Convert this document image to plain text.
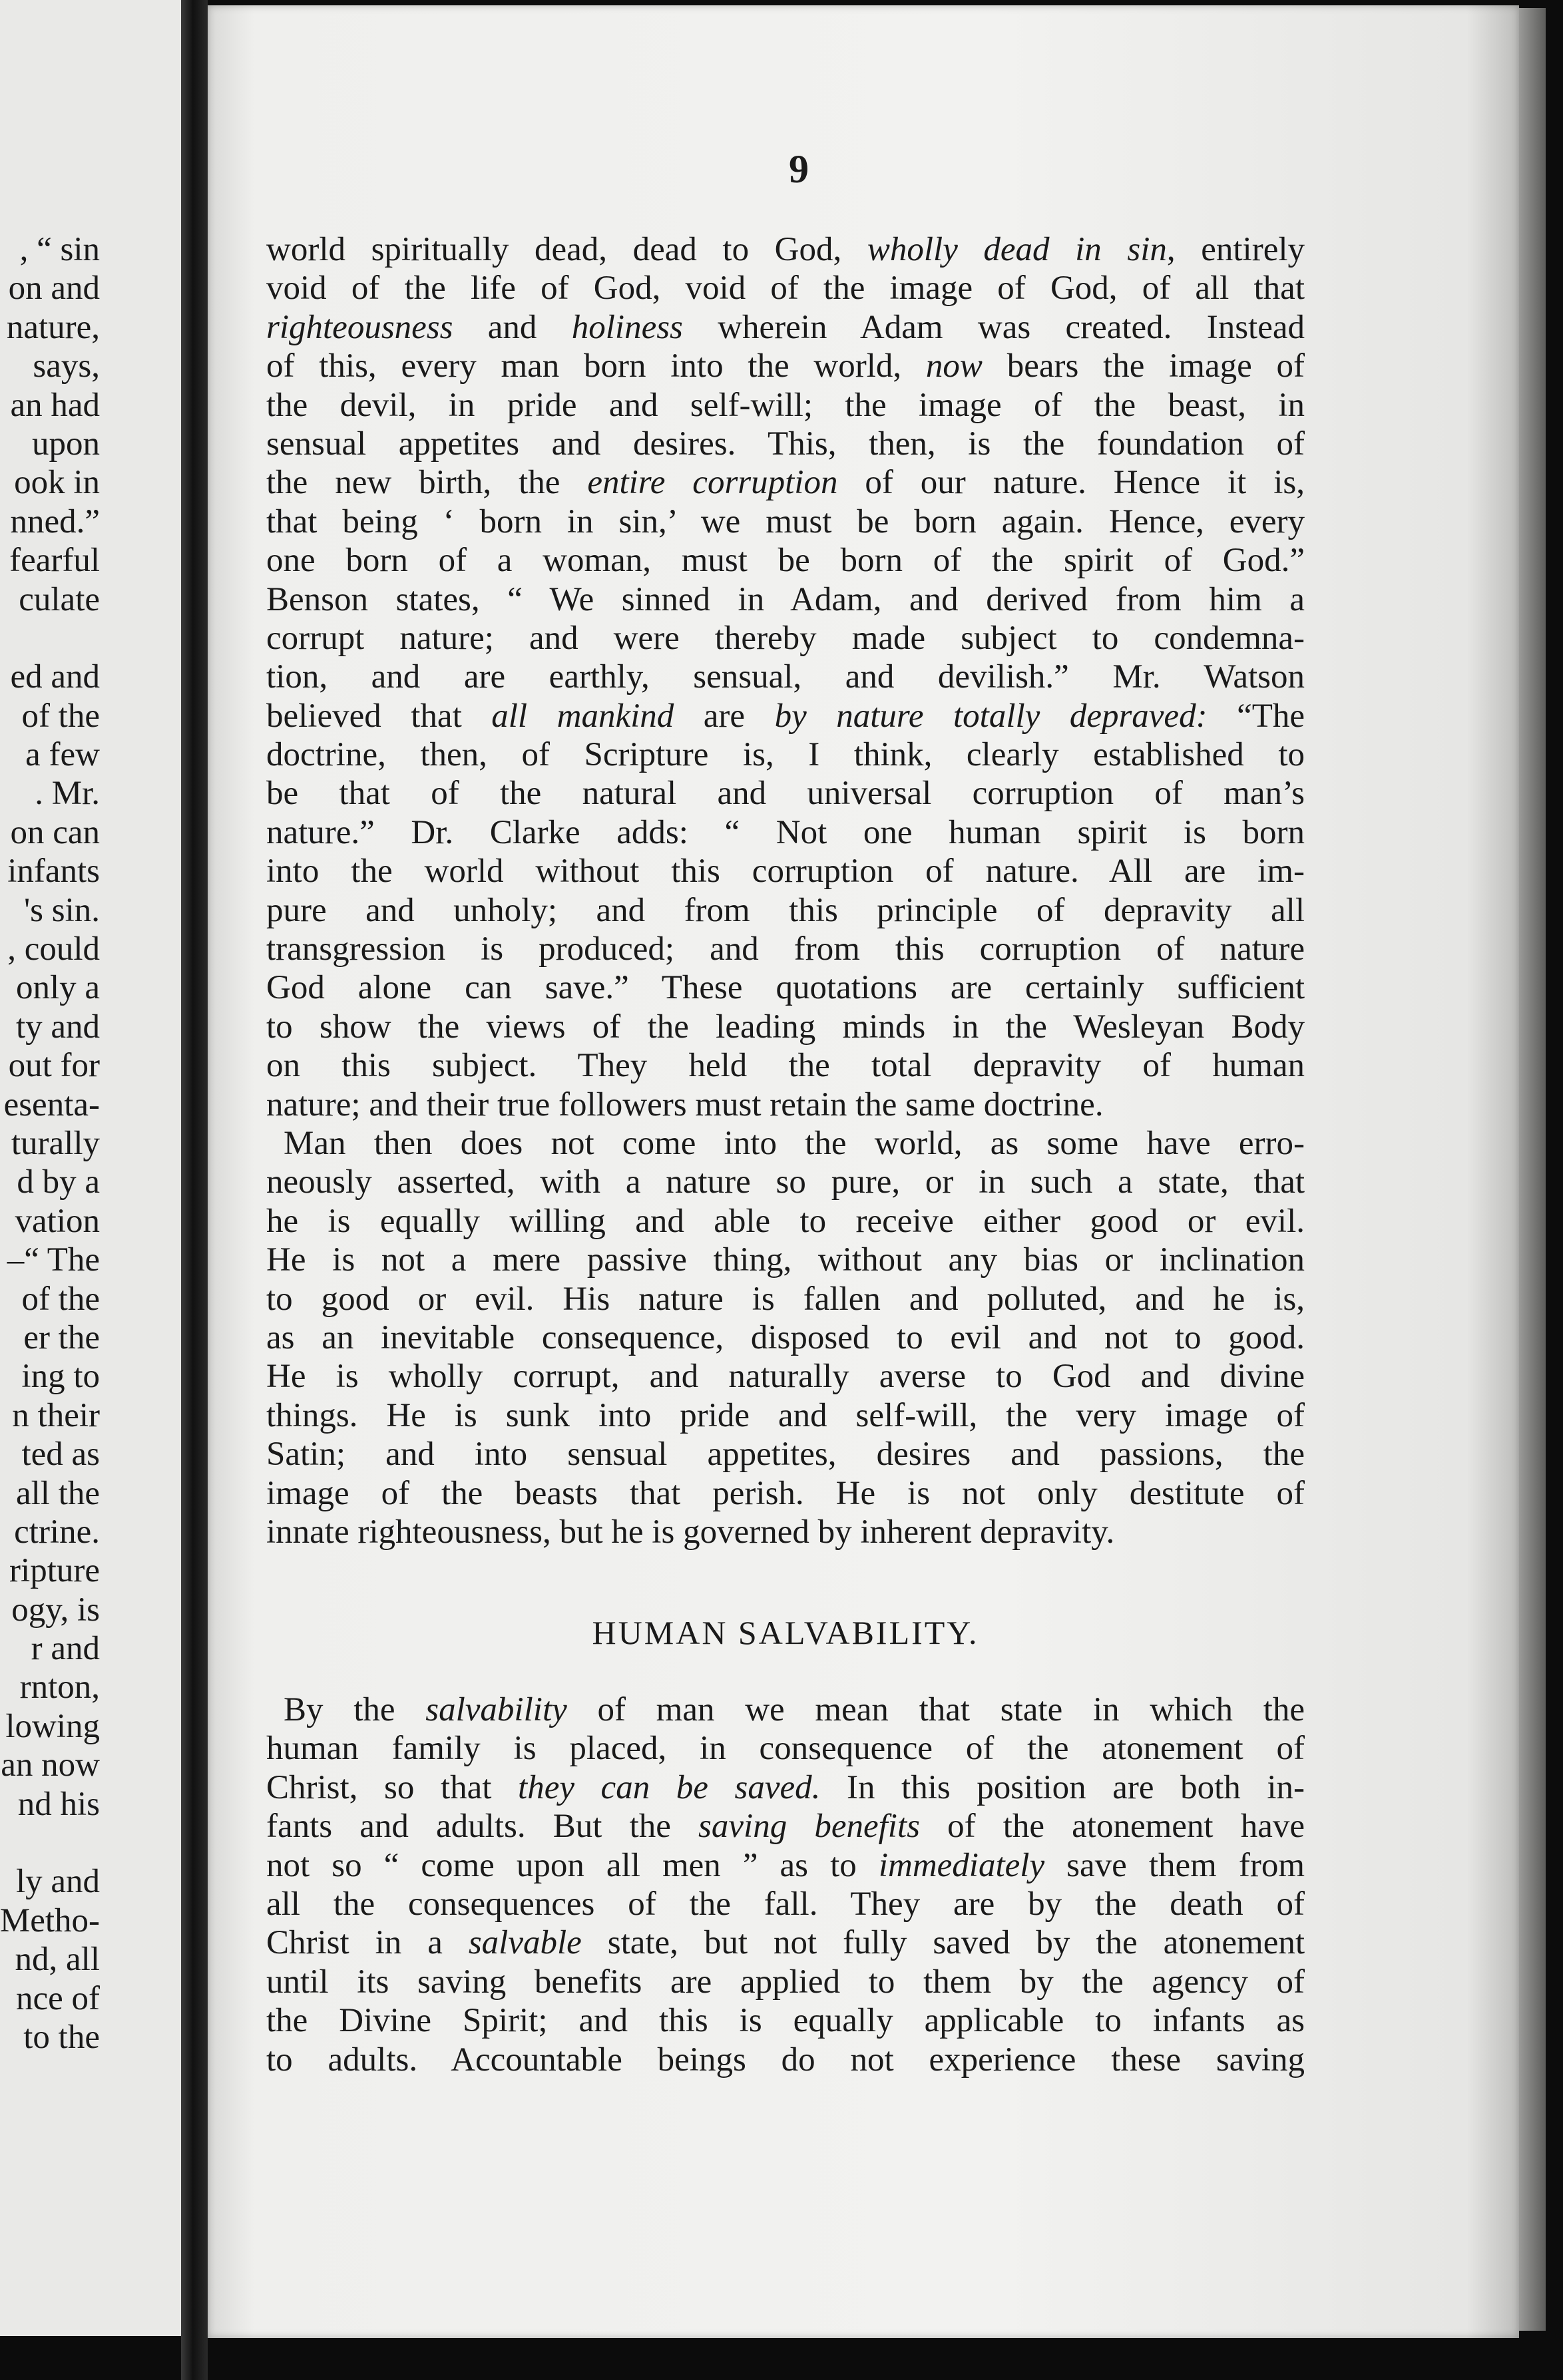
, “ sin
on and
nature,
says,
an had
upon
ook in
nned.”
fearful
culate
ed and
of the
a few
. Mr.
on can
infants
's sin.
, could
only a
ty and
out for
esenta-
turally
d by a
vation
–“ The
of the
er the
ing to
n their
ted as
all the
ctrine.
ripture
ogy, is
r and
rnton,
lowing
an now
nd his
ly and
Metho-
nd, all
nce of
to the
9
world spiritually dead, dead to God, wholly dead in sin, entirely
void of the life of God, void of the image of God, of all that
righteousness and holiness wherein Adam was created. Instead
of this, every man born into the world, now bears the image of
the devil, in pride and self-will; the image of the beast, in
sensual appetites and desires. This, then, is the foundation of
the new birth, the entire corruption of our nature. Hence it is,
that being ‘ born in sin,’ we must be born again. Hence, every
one born of a woman, must be born of the spirit of God.”
Benson states, “ We sinned in Adam, and derived from him a
corrupt nature; and were thereby made subject to condemna-
tion, and are earthly, sensual, and devilish.” Mr. Watson
believed that all mankind are by nature totally depraved: “The
doctrine, then, of Scripture is, I think, clearly established to
be that of the natural and universal corruption of man’s
nature.” Dr. Clarke adds: “ Not one human spirit is born
into the world without this corruption of nature. All are im-
pure and unholy; and from this principle of depravity all
transgression is produced; and from this corruption of nature
God alone can save.” These quotations are certainly sufficient
to show the views of the leading minds in the Wesleyan Body
on this subject. They held the total depravity of human
nature; and their true followers must retain the same doctrine.
Man then does not come into the world, as some have erro-
neously asserted, with a nature so pure, or in such a state, that
he is equally willing and able to receive either good or evil.
He is not a mere passive thing, without any bias or inclination
to good or evil. His nature is fallen and polluted, and he is,
as an inevitable consequence, disposed to evil and not to good.
He is wholly corrupt, and naturally averse to God and divine
things. He is sunk into pride and self-will, the very image of
Satin; and into sensual appetites, desires and passions, the
image of the beasts that perish. He is not only destitute of
innate righteousness, but he is governed by inherent depravity.
HUMAN SALVABILITY.
By the salvability of man we mean that state in which the
human family is placed, in consequence of the atonement of
Christ, so that they can be saved. In this position are both in-
fants and adults. But the saving benefits of the atonement have
not so “ come upon all men ” as to immediately save them from
all the consequences of the fall. They are by the death of
Christ in a salvable state, but not fully saved by the atonement
until its saving benefits are applied to them by the agency of
the Divine Spirit; and this is equally applicable to infants as
to adults. Accountable beings do not experience these saving
